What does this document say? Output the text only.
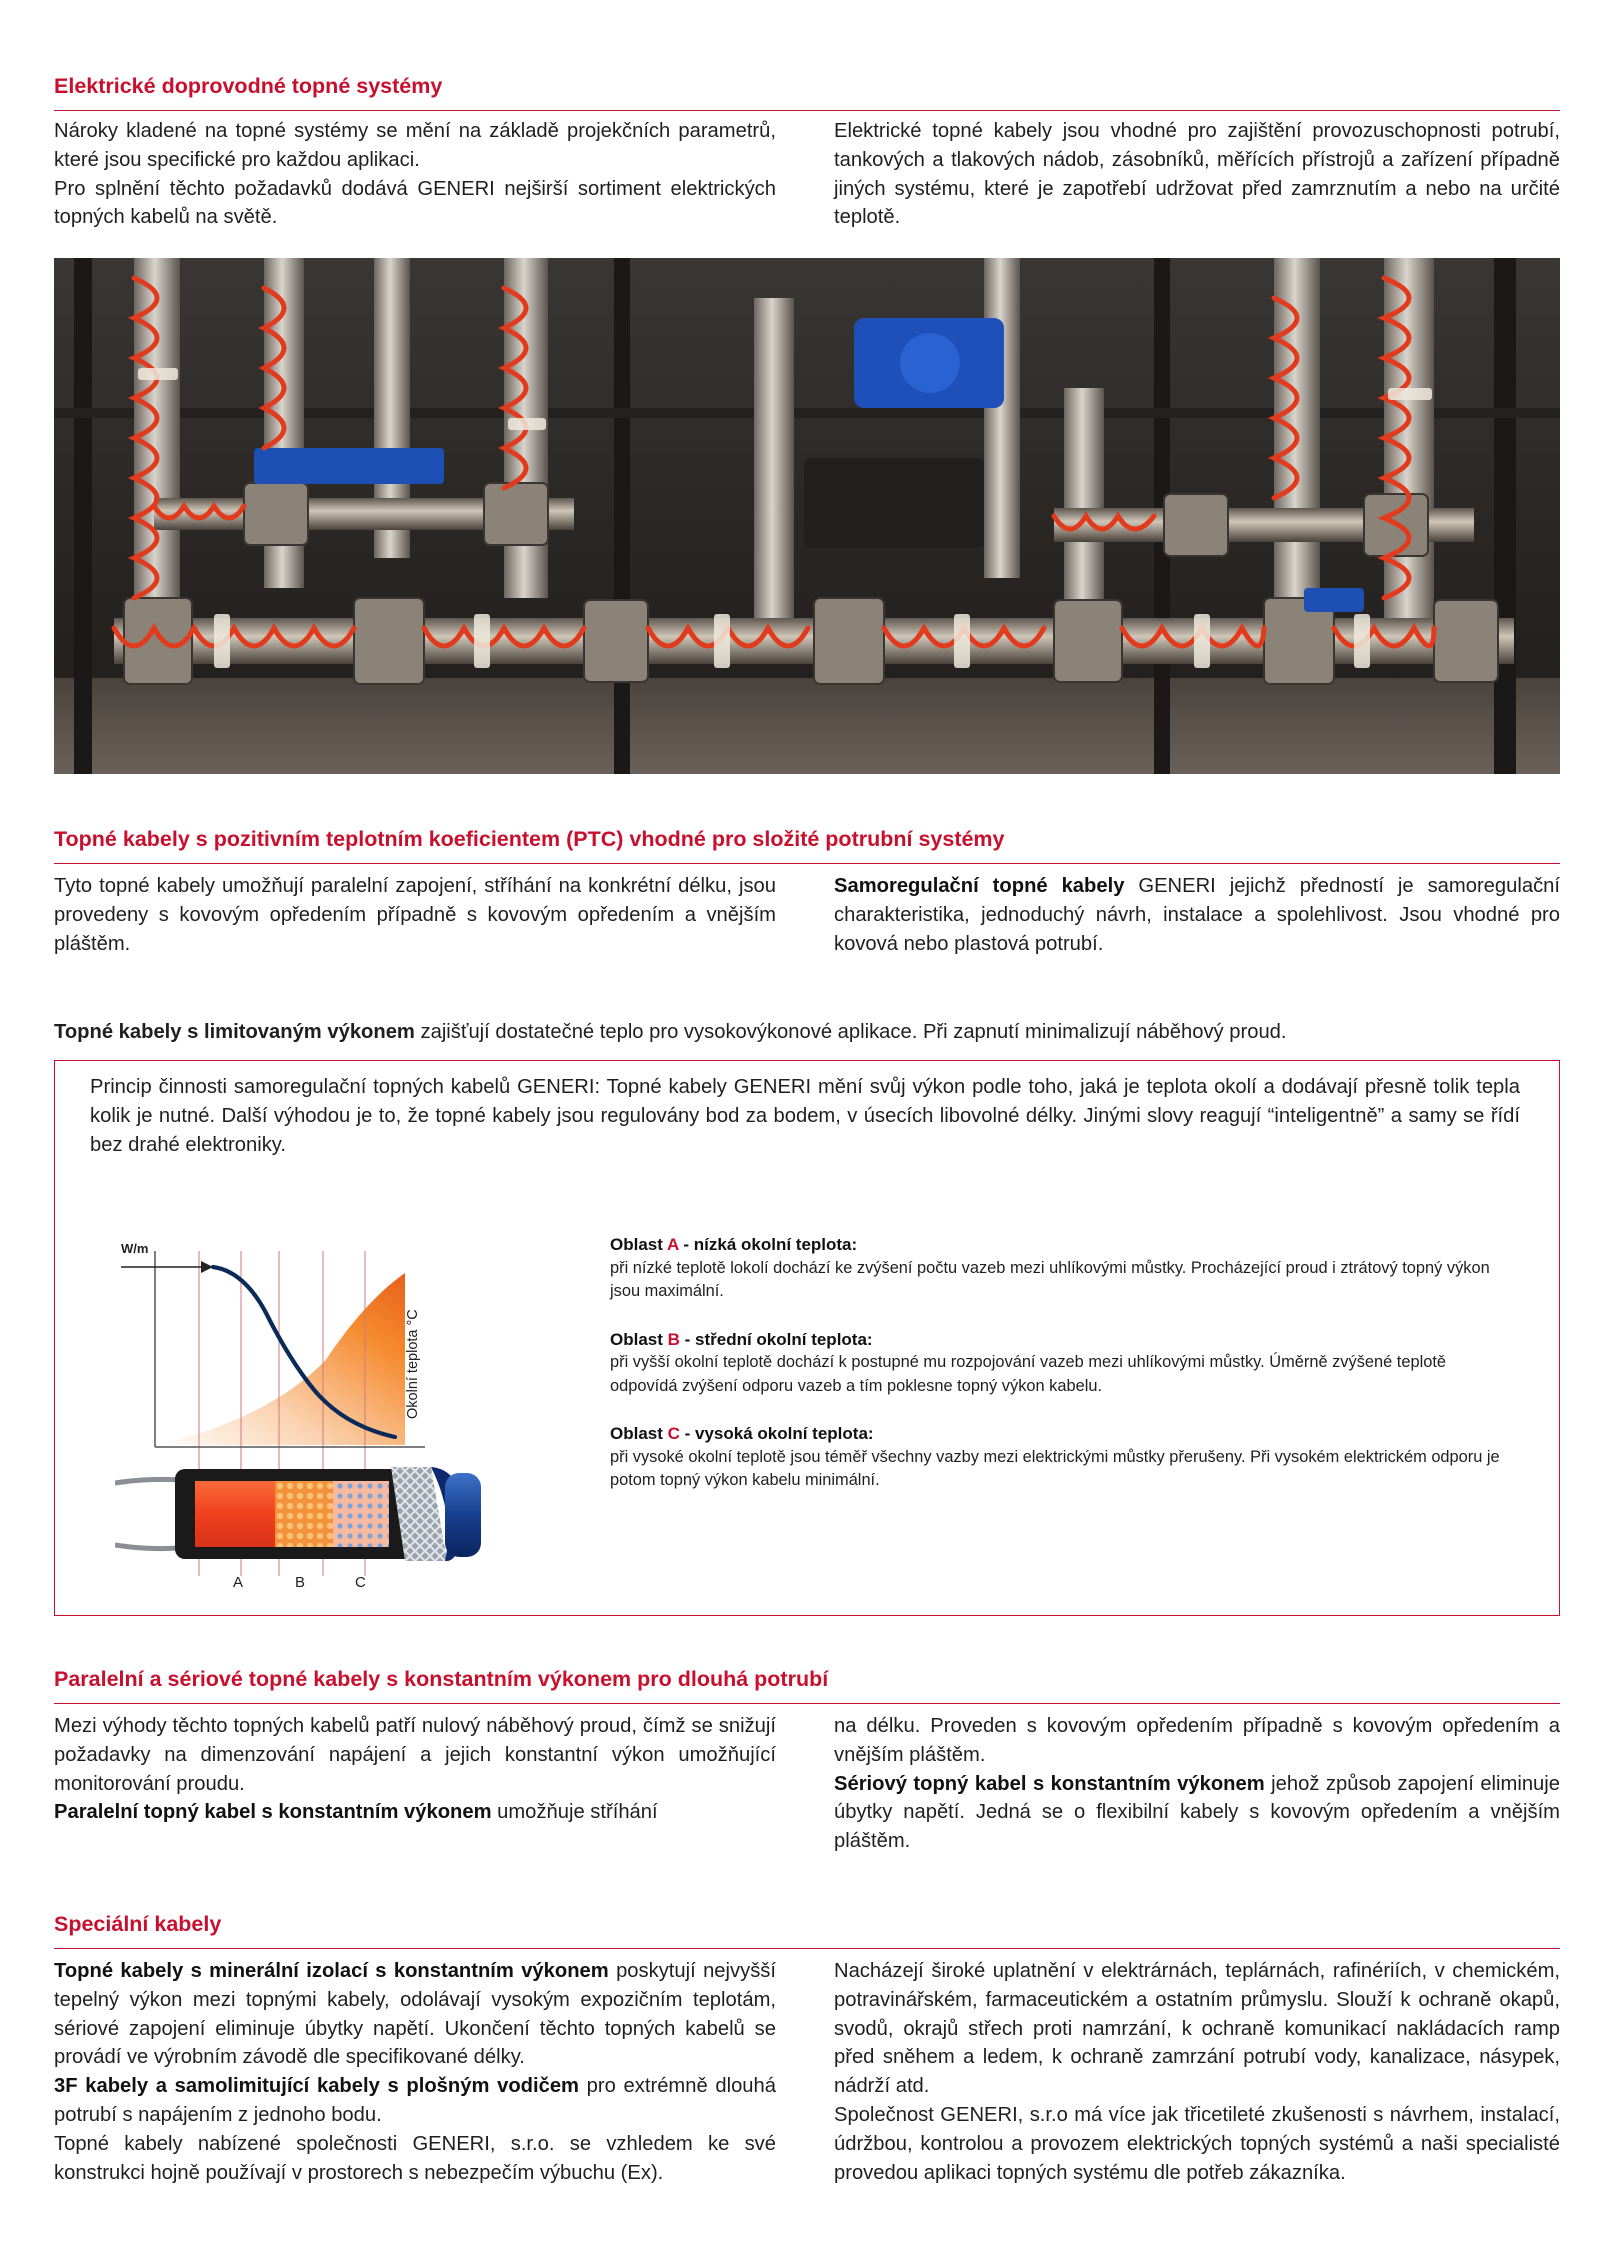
Elektrické doprovodné topné systémy

Nároky kladené na topné systémy se mění na základě projekčních parametrů, které jsou specifické pro každou aplikaci.

Pro splnění těchto požadavků dodává GENERI nejširší sortiment elektrických topných kabelů na světě.

Elektrické topné kabely jsou vhodné pro zajištění provozuschopnosti potrubí, tankových a tlakových nádob, zásobníků, měřících přístrojů a zařízení případně jiných systému, které je zapotřebí udržovat před zamrznutím a nebo na určité teplotě.

Topné kabely s pozitivním teplotním koeficientem (PTC) vhodné pro složité potrubní systémy

Tyto topné kabely umožňují paralelní zapojení, stříhání na konkrétní délku, jsou provedeny s kovovým opředením případně s kovovým opředením a vnějším pláštěm.

Samoregulační topné kabely GENERI jejichž předností je samoregulační charakteristika, jednoduchý návrh, instalace a spolehlivost. Jsou vhodné pro kovová nebo plastová potrubí.

Topné kabely s limitovaným výkonem zajišťují dostatečné teplo pro vysokovýkonové aplikace. Při zapnutí minimalizují náběhový proud.
Princip činnosti samoregulační topných kabelů GENERI: Topné kabely GENERI mění svůj výkon podle toho, jaká je teplota okolí a dodávají přesně tolik tepla kolik je nutné. Další výhodou je to, že topné kabely jsou regulovány bod za bodem, v úsecích libovolné délky. Jinými slovy reagují “inteligentně” a samy se řídí bez drahé elektroniky.
W/m
Okolní teplota °C
A	B	C
Oblast A - nízká okolní teplota:
při nízké teplotě lokolí dochází ke zvýšení počtu vazeb mezi uhlíkovými můstky. Procházející proud i ztrátový topný výkon jsou maximální.
Oblast B - střední okolní teplota:
při vyšší okolní teplotě dochází k postupné mu rozpojování vazeb mezi uhlíkovými můstky. Úměrně zvýšené teplotě odpovídá zvýšení odporu vazeb a tím poklesne topný výkon kabelu.
Oblast C - vysoká okolní teplota:
při vysoké okolní teplotě jsou téměř všechny vazby mezi elektrickými můstky přerušeny. Při vysokém elektrickém odporu je potom topný výkon kabelu minimální.
Paralelní a sériové topné kabely s konstantním výkonem pro dlouhá potrubí

Mezi výhody těchto topných kabelů patří nulový náběhový proud, čímž se snižují požadavky na dimenzování napájení a jejich konstantní výkon umožňující monitorování proudu.

Paralelní topný kabel s konstantním výkonem umožňuje stříhání

na délku. Proveden s kovovým opředením případně s kovovým opředením a vnějším pláštěm.

Sériový topný kabel s konstantním výkonem jehož způsob zapojení eliminuje úbytky napětí. Jedná se o flexibilní kabely s kovovým opředením a vnějším pláštěm.

Speciální kabely

Topné kabely s minerální izolací s konstantním výkonem poskytují nejvyšší tepelný výkon mezi topnými kabely, odolávají vysokým expozičním teplotám, sériové zapojení eliminuje úbytky napětí. Ukončení těchto topných kabelů se provádí ve výrobním závodě dle specifikované délky.

3F kabely a samolimitující kabely s plošným vodičem pro extrémně dlouhá potrubí s napájením z jednoho bodu.

Topné kabely nabízené společnosti GENERI, s.r.o. se vzhledem ke své konstrukci hojně používají v prostorech s nebezpečím výbuchu (Ex).

Nacházejí široké uplatnění v elektrárnách, teplárnách, rafinériích, v chemickém, potravinářském, farmaceutickém a ostatním průmyslu. Slouží k ochraně okapů, svodů, okrajů střech proti namrzání, k ochraně komunikací nakládacích ramp před sněhem a ledem, k ochraně zamrzání potrubí vody, kanalizace, násypek, nádrží atd.

Společnost GENERI, s.r.o má více jak třicetileté zkušenosti s návrhem, instalací, údržbou, kontrolou a provozem elektrických topných systémů a naši specialisté provedou aplikaci topných systému dle potřeb zákazníka.
